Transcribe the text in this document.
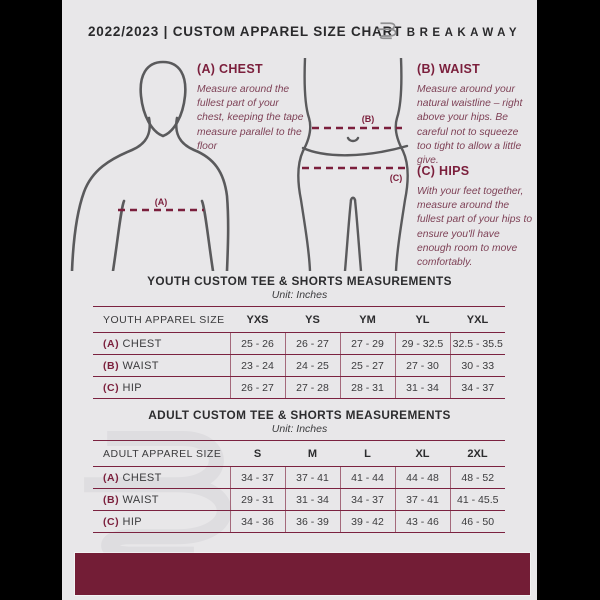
2022/2023 | CUSTOM APPAREL SIZE CHART BREAKAWAY
(A)

(A) CHEST

Measure around the fullest part of your chest, keeping the tape measure parallel to the floor

(B)
(C)

(B) WAIST

Measure around your natural waistline – right above your hips. Be careful not to squeeze too tight to allow a little give.

(C) HIPS

With your feet together, measure around the fullest part of your hips to ensure you'll have enough room to move comfortably.

YOUTH CUSTOM TEE & SHORTS MEASUREMENTS
Unit: Inches
YOUTH APPAREL SIZE	YXS	YS	YM	YL	YXL
(A) CHEST	25 - 26	26 - 27	27 - 29	29 - 32.5	32.5 - 35.5
(B) WAIST	23 - 24	24 - 25	25 - 27	27 - 30	30 - 33
(C) HIP	26 - 27	27 - 28	28 - 31	31 - 34	34 - 37
ADULT CUSTOM TEE & SHORTS MEASUREMENTS
Unit: Inches
ADULT APPAREL SIZE	S	M	L	XL	2XL
(A) CHEST	34 - 37	37 - 41	41 - 44	44 - 48	48 - 52
(B) WAIST	29 - 31	31 - 34	34 - 37	37 - 41	41 - 45.5
(C) HIP	34 - 36	36 - 39	39 - 42	43 - 46	46 - 50
